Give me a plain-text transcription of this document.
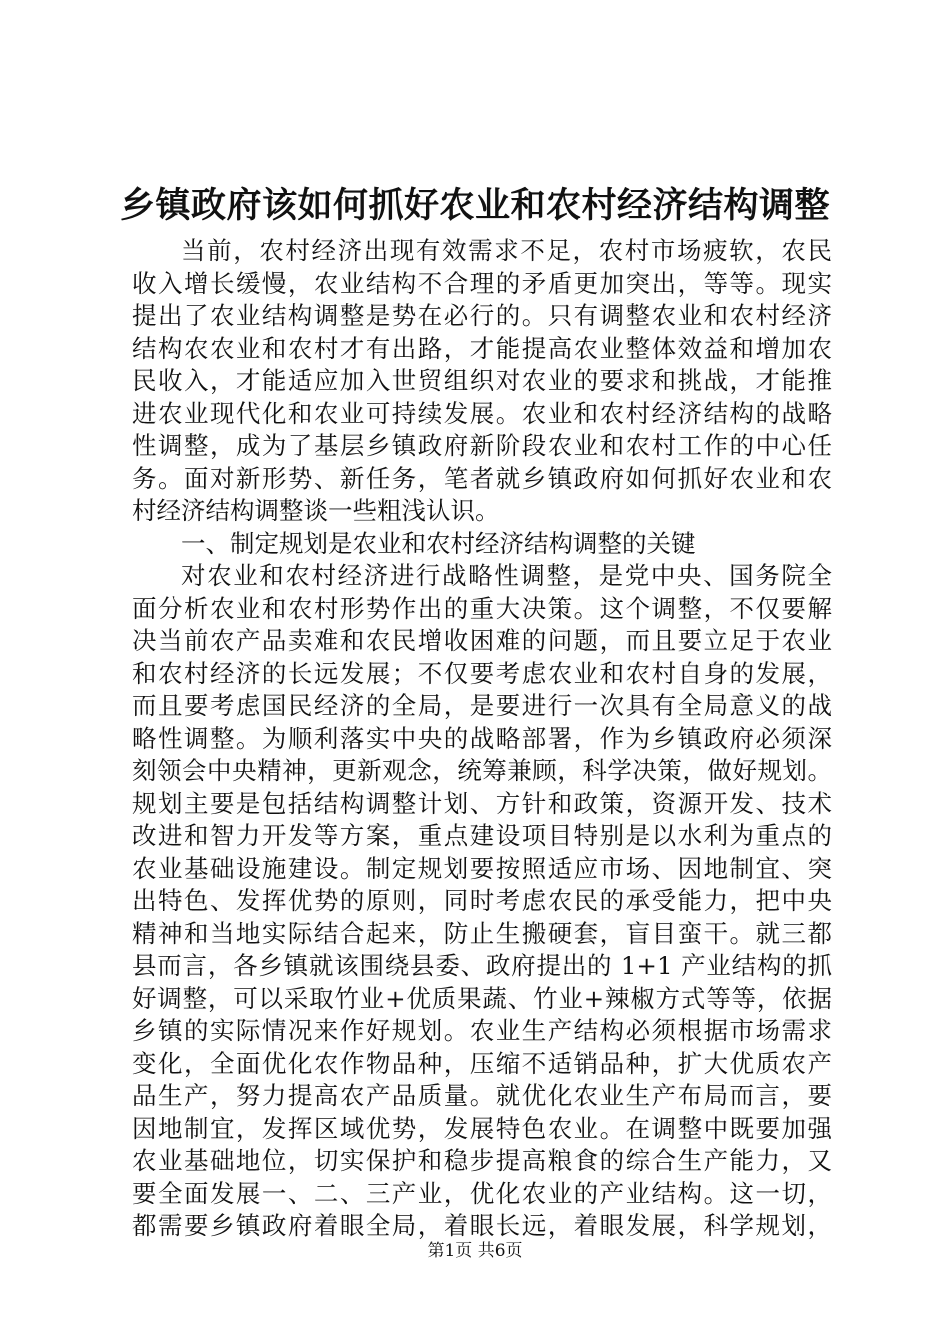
乡镇政府该如何抓好农业和农村经济结构调整
当前，农村经济出现有效需求不足，农村市场疲软，农民
收入增长缓慢，农业结构不合理的矛盾更加突出，等等。现实
提出了农业结构调整是势在必行的。只有调整农业和农村经济
结构农农业和农村才有出路，才能提高农业整体效益和增加农
民收入，才能适应加入世贸组织对农业的要求和挑战，才能推
进农业现代化和农业可持续发展。农业和农村经济结构的战略
性调整，成为了基层乡镇政府新阶段农业和农村工作的中心任
务。面对新形势、新任务，笔者就乡镇政府如何抓好农业和农
村经济结构调整谈一些粗浅认识。
一、制定规划是农业和农村经济结构调整的关键
对农业和农村经济进行战略性调整，是党中央、国务院全
面分析农业和农村形势作出的重大决策。这个调整，不仅要解
决当前农产品卖难和农民增收困难的问题，而且要立足于农业
和农村经济的长远发展；不仅要考虑农业和农村自身的发展，
而且要考虑国民经济的全局，是要进行一次具有全局意义的战
略性调整。为顺利落实中央的战略部署，作为乡镇政府必须深
刻领会中央精神，更新观念，统筹兼顾，科学决策，做好规划。
规划主要是包括结构调整计划、方针和政策，资源开发、技术
改进和智力开发等方案，重点建设项目特别是以水利为重点的
农业基础设施建设。制定规划要按照适应市场、因地制宜、突
出特色、发挥优势的原则，同时考虑农民的承受能力，把中央
精神和当地实际结合起来，防止生搬硬套，盲目蛮干。就三都
县而言，各乡镇就该围绕县委、政府提出的 1+1 产业结构的抓
好调整，可以采取竹业+优质果蔬、竹业+辣椒方式等等，依据
乡镇的实际情况来作好规划。农业生产结构必须根据市场需求
变化，全面优化农作物品种，压缩不适销品种，扩大优质农产
品生产，努力提高农产品质量。就优化农业生产布局而言，要
因地制宜，发挥区域优势，发展特色农业。在调整中既要加强
农业基础地位，切实保护和稳步提高粮食的综合生产能力，又
要全面发展一、二、三产业，优化农业的产业结构。这一切，
都需要乡镇政府着眼全局，着眼长远，着眼发展，科学规划，
第1页 共6页
